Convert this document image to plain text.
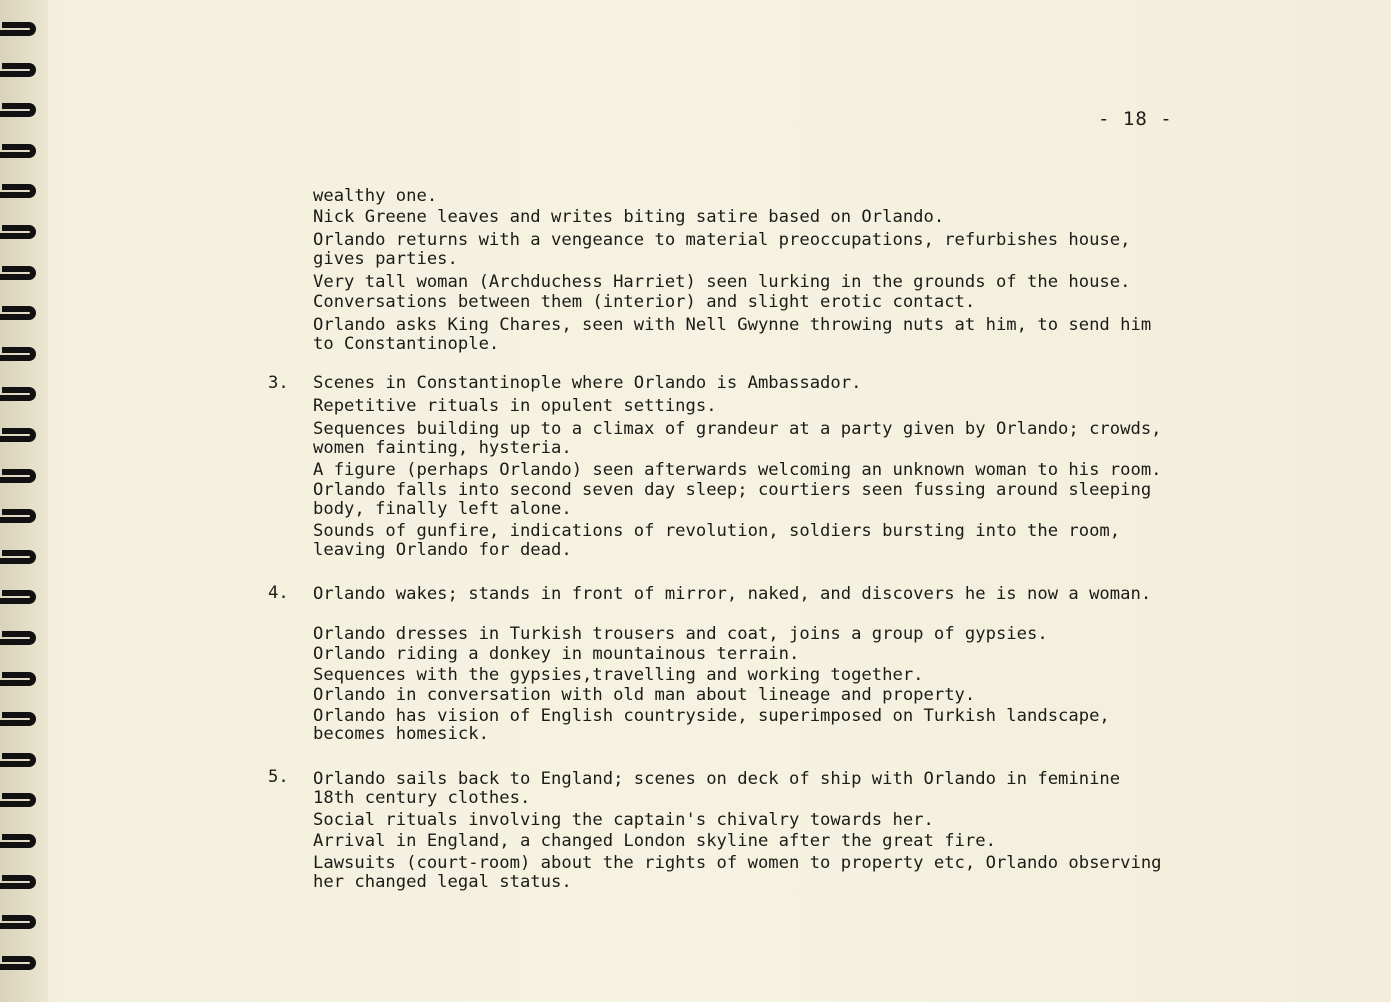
- 18 -
wealthy one.
Nick Greene leaves and writes biting satire based on Orlando.
Orlando returns with a vengeance to material preoccupations, refurbishes house,
gives parties.
Very tall woman (Archduchess Harriet) seen lurking in the grounds of the house.
Conversations between them (interior) and slight erotic contact.
Orlando asks King Chares, seen with Nell Gwynne throwing nuts at him, to send him
to Constantinople.
3. Scenes in Constantinople where Orlando is Ambassador.
Repetitive rituals in opulent settings.
Sequences building up to a climax of grandeur at a party given by Orlando; crowds,
women fainting, hysteria.
A figure (perhaps Orlando) seen afterwards welcoming an unknown woman to his room.
Orlando falls into second seven day sleep; courtiers seen fussing around sleeping
body, finally left alone.
Sounds of gunfire, indications of revolution, soldiers bursting into the room,
leaving Orlando for dead.
4. Orlando wakes; stands in front of mirror, naked, and discovers he is now a woman.
Orlando dresses in Turkish trousers and coat, joins a group of gypsies.
Orlando riding a donkey in mountainous terrain.
Sequences with the gypsies,travelling and working together.
Orlando in conversation with old man about lineage and property.
Orlando has vision of English countryside, superimposed on Turkish landscape,
becomes homesick.
5. Orlando sails back to England; scenes on deck of ship with Orlando in feminine
18th century clothes.
Social rituals involving the captain's chivalry towards her.
Arrival in England, a changed London skyline after the great fire.
Lawsuits (court-room) about the rights of women to property etc, Orlando observing
her changed legal status.
